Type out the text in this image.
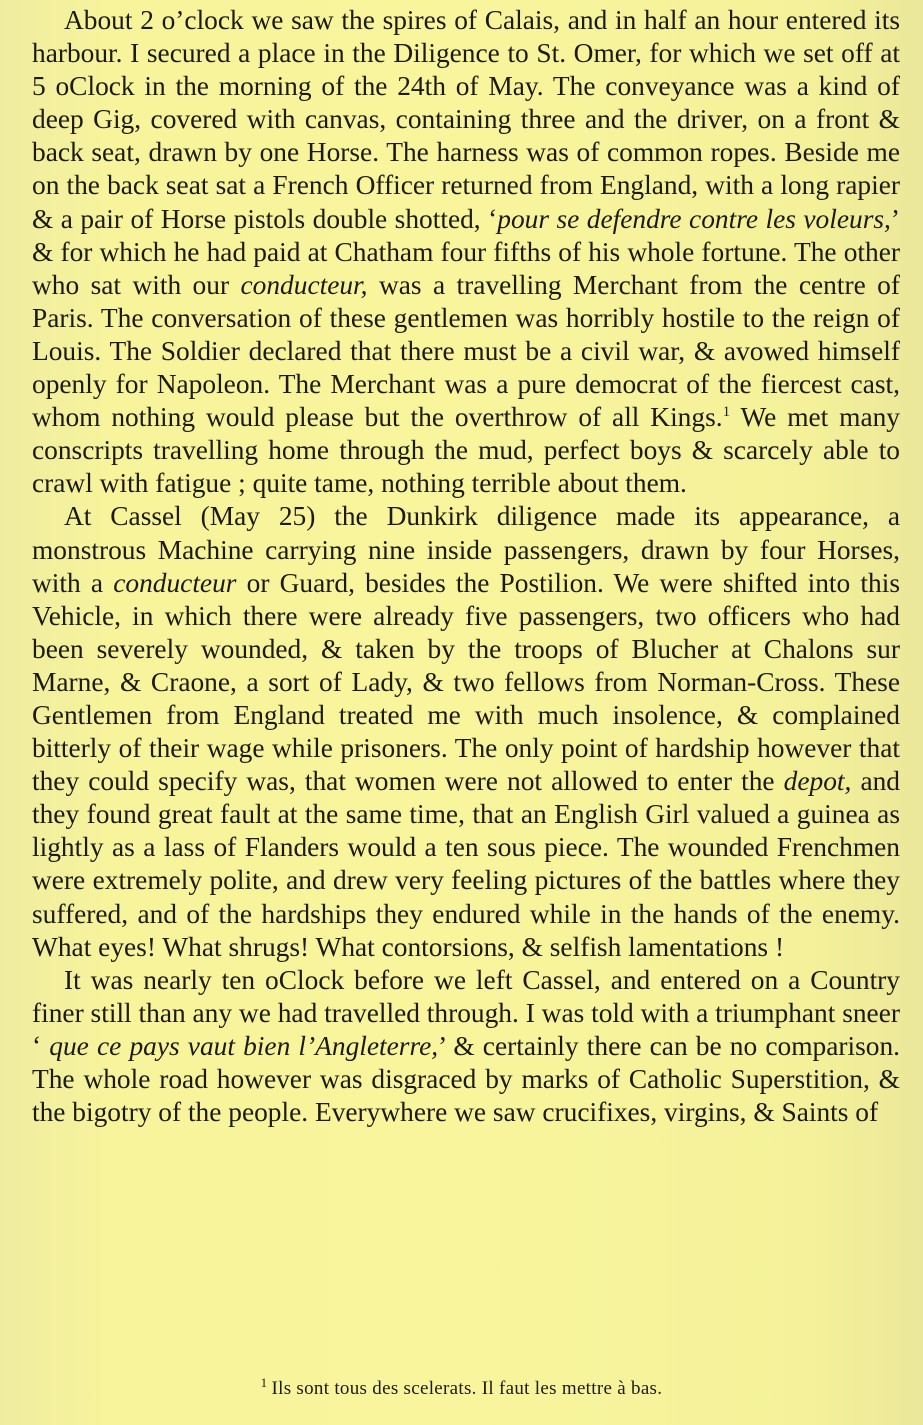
About 2 o’clock we saw the spires of Calais, and in half an hour entered its harbour. I secured a place in the Diligence to St. Omer, for which we set off at 5 oClock in the morning of the 24th of May. The conveyance was a kind of deep Gig, covered with canvas, containing three and the driver, on a front & back seat, drawn by one Horse. The harness was of common ropes. Beside me on the back seat sat a French Officer returned from England, with a long rapier & a pair of Horse pistols double shotted, ‘pour se defendre contre les voleurs,’ & for which he had paid at Chatham four fifths of his whole fortune. The other who sat with our conducteur, was a travelling Merchant from the centre of Paris. The conversation of these gentlemen was horribly hostile to the reign of Louis. The Soldier declared that there must be a civil war, & avowed himself openly for Napoleon. The Merchant was a pure democrat of the fiercest cast, whom nothing would please but the overthrow of all Kings.$^1$ We met many conscripts travelling home through the mud, perfect boys & scarcely able to crawl with fatigue ; quite tame, nothing terrible about them.

At Cassel (May 25) the Dunkirk diligence made its appearance, a monstrous Machine carrying nine inside passengers, drawn by four Horses, with a conducteur or Guard, besides the Postilion. We were shifted into this Vehicle, in which there were already five passengers, two officers who had been severely wounded, & taken by the troops of Blucher at Chalons sur Marne, & Craone, a sort of Lady, & two fellows from Norman-Cross. These Gentlemen from England treated me with much insolence, & complained bitterly of their wage while prisoners. The only point of hardship however that they could specify was, that women were not allowed to enter the depot, and they found great fault at the same time, that an English Girl valued a guinea as lightly as a lass of Flanders would a ten sous piece. The wounded Frenchmen were extremely polite, and drew very feeling pictures of the battles where they suffered, and of the hardships they endured while in the hands of the enemy. What eyes! What shrugs! What contorsions, & selfish lamentations !

It was nearly ten oClock before we left Cassel, and entered on a Country finer still than any we had travelled through. I was told with a triumphant sneer ‘ que ce pays vaut bien l’Angleterre,’ & certainly there can be no comparison. The whole road however was disgraced by marks of Catholic Superstition, & the bigotry of the people. Everywhere we saw crucifixes, virgins, & Saints of

$^1$ Ils sont tous des scelerats. Il faut les mettre à bas.
